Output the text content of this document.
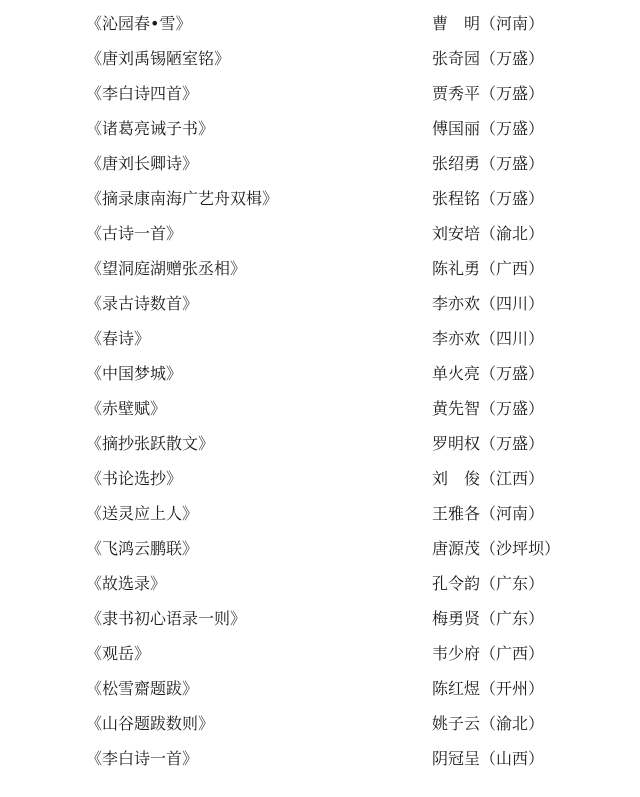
《沁园春•雪》	曹　明（河南）
《唐刘禹锡陋室铭》	张奇园（万盛）
《李白诗四首》	贾秀平（万盛）
《诸葛亮诫子书》	傅国丽（万盛）
《唐刘长卿诗》	张绍勇（万盛）
《摘录康南海广艺舟双楫》	张程铭（万盛）
《古诗一首》	刘安培（渝北）
《望洞庭湖赠张丞相》	陈礼勇（广西）
《录古诗数首》	李亦欢（四川）
《春诗》	李亦欢（四川）
《中国梦城》	单火亮（万盛）
《赤壁赋》	黄先智（万盛）
《摘抄张跃散文》	罗明权（万盛）
《书论选抄》	刘　俊（江西）
《送灵应上人》	王雅各（河南）
《飞鸿云鹏联》	唐源茂（沙坪坝）
《故选录》	孔令韵（广东）
《隶书初心语录一则》	梅勇贤（广东）
《观岳》	韦少府（广西）
《松雪齋题跋》	陈红煜（开州）
《山谷题跋数则》	姚子云（渝北）
《李白诗一首》	阴冠呈（山西）
